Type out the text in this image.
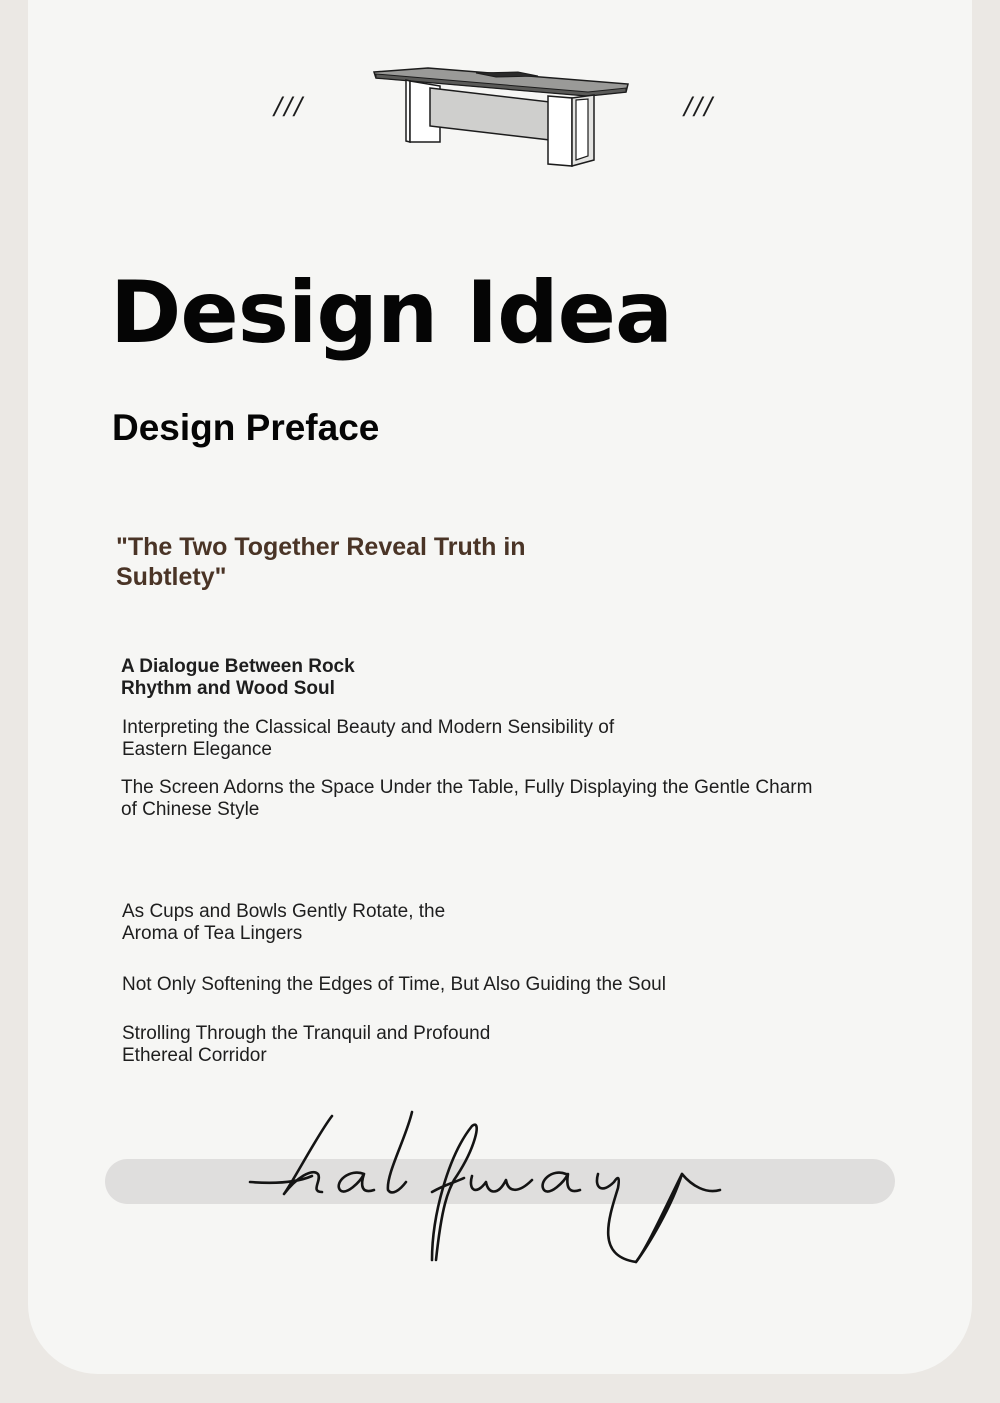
///	///
Design Idea
Design Preface

"The Two Together Reveal Truth in Subtlety"

A Dialogue Between Rock Rhythm and Wood Soul

Interpreting the Classical Beauty and Modern Sensibility of Eastern Elegance

The Screen Adorns the Space Under the Table, Fully Displaying the Gentle Charm of Chinese Style

As Cups and Bowls Gently Rotate, the Aroma of Tea Lingers

Not Only Softening the Edges of Time, But Also Guiding the Soul

Strolling Through the Tranquil and Profound Ethereal Corridor
